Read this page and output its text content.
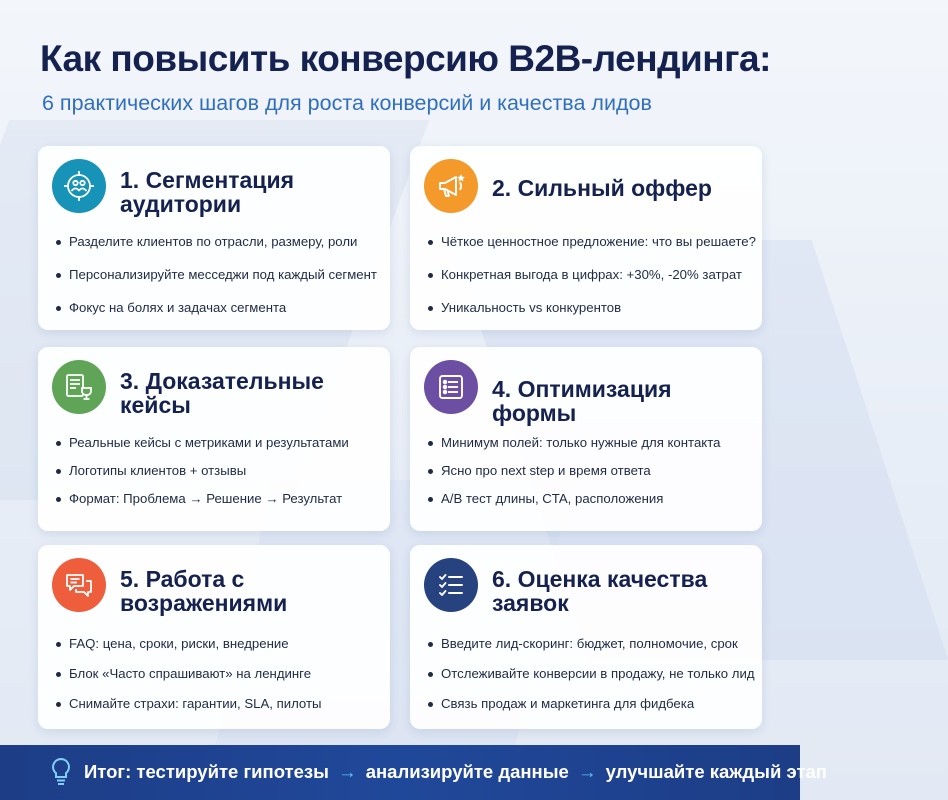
Как повысить конверсию B2B-лендинга:
6 практических шагов для роста конверсий и качества лидов
1. Сегментация аудитории
Разделите клиентов по отрасли, размеру, роли
Персонализируйте месседжи под каждый сегмент
Фокус на болях и задачах сегмента
2. Сильный оффер
Чёткое ценностное предложение: что вы решаете?
Конкретная выгода в цифрах: +30%, -20% затрат
Уникальность vs конкурентов
3. Доказательные кейсы
Реальные кейсы с метриками и результатами
Логотипы клиентов + отзывы
Формат: Проблема → Решение → Результат
4. Оптимизация формы
Минимум полей: только нужные для контакта
Ясно про next step и время ответа
A/B тест длины, CTA, расположения
5. Работа с возражениями
FAQ: цена, сроки, риски, внедрение
Блок «Часто спрашивают» на лендинге
Снимайте страхи: гарантии, SLA, пилоты
6. Оценка качества заявок
Введите лид-скоринг: бюджет, полномочие, срок
Отслеживайте конверсии в продажу, не только лид
Связь продаж и маркетинга для фидбека
Итог: тестируйте гипотезы → анализируйте данные → улучшайте каждый этап
